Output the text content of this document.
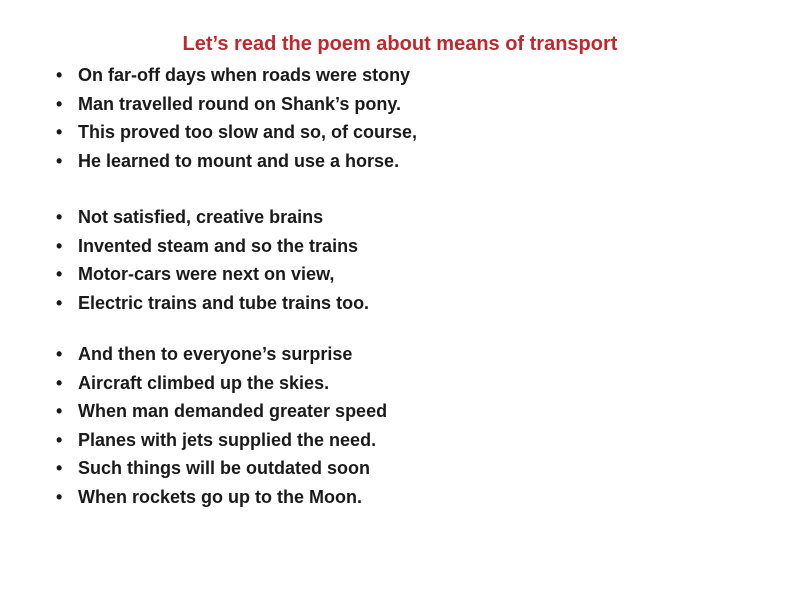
Let’s read the poem about means of transport
• On far-off days when roads were stony
• Man travelled round on Shank’s pony.
• This proved too slow and so, of course,
• He learned to mount and use a horse.
• Not satisfied, creative brains
• Invented steam and so the trains
• Motor-cars were next on view,
• Electric trains and tube trains too.
• And then to everyone’s surprise
• Aircraft climbed up the skies.
• When man demanded greater speed
• Planes with jets supplied the need.
• Such things will be outdated soon
• When rockets go up to the Moon.
